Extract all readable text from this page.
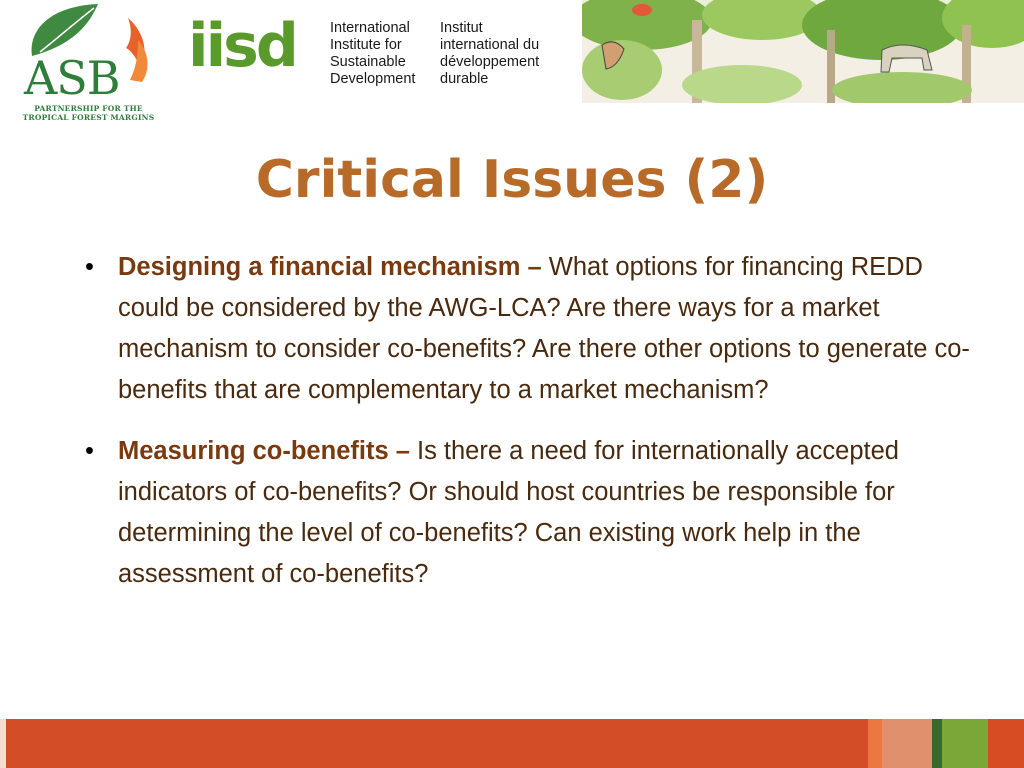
ASB
PARTNERSHIP FOR THE
TROPICAL FOREST MARGINS
iisd International
Institute for
Sustainable
Development
Institut
international du
développement
durable
Critical Issues (2)
• Designing a financial mechanism – What options for financing REDD could be considered by the AWG-LCA? Are there ways for a market mechanism to consider co-benefits? Are there other options to generate co-benefits that are complementary to a market mechanism?
• Measuring co-benefits – Is there a need for internationally accepted indicators of co-benefits? Or should host countries be responsible for determining the level of co-benefits? Can existing work help in the assessment of co-benefits?
